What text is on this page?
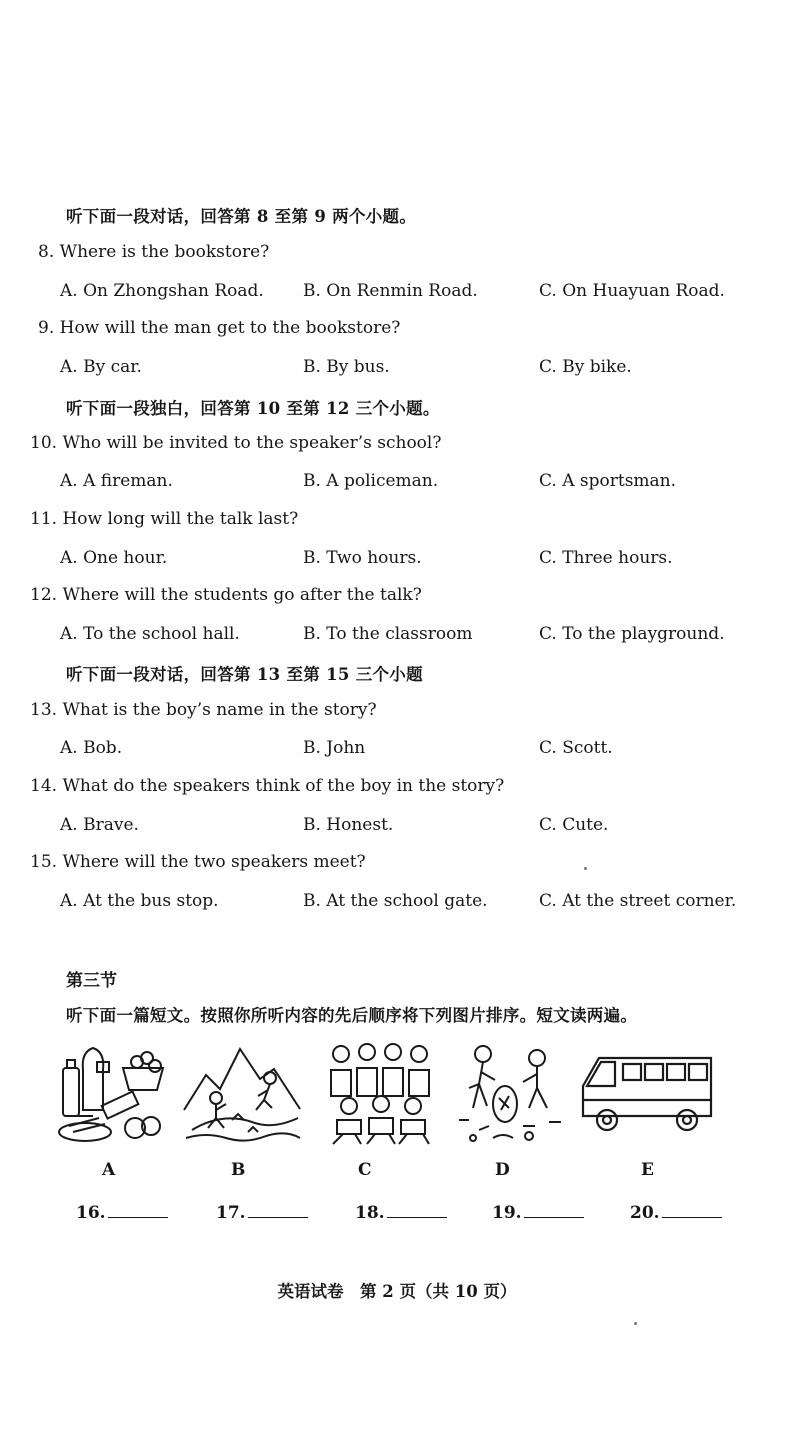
听下面一段对话，回答第 8 至第 9 两个小题。
8. Where is the bookstore?
A. On Zhongshan Road. B. On Renmin Road.	C. On Huayuan Road.
9. How will the man get to the bookstore?
A. By car.	B. By bus.	C. By bike.
听下面一段独白，回答第 10 至第 12 三个小题。
10. Who will be invited to the speaker’s school?
A. A fireman.	B. A policeman.	C. A sportsman.
11. How long will the talk last?
A. One hour.	B. Two hours.	C. Three hours.
12. Where will the students go after the talk?
A. To the school hall.	B. To the classroom	C. To the playground.
听下面一段对话，回答第 13 至第 15 三个小题
13. What is the boy’s name in the story?
A. Bob.	B. John	C. Scott.
14. What do the speakers think of the boy in the story?
A. Brave.	B. Honest.	C. Cute.
15. Where will the two speakers meet?
A. At the bus stop.	B. At the school gate.	C. At the street corner.
第三节
听下面一篇短文。按照你所听内容的先后顺序将下列图片排序。短文读两遍。
A	B	C	D	E
16.	17.	18.	19.	20.
英语试卷　第 2 页（共 10 页）
